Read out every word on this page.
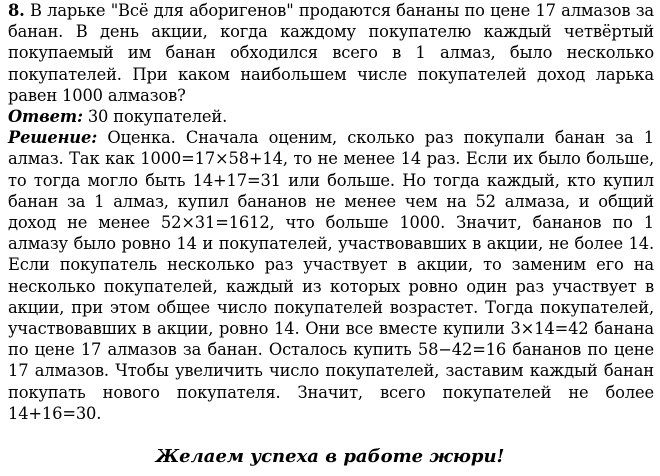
8. В ларьке "Всё для аборигенов" продаются бананы по цене 17 алмазов за банан. В день акции, когда каждому покупателю каждый четвёртый покупаемый им банан обходился всего в 1 алмаз, было несколько покупателей. При каком наибольшем числе покупателей доход ларька равен 1000 алмазов?

Ответ: 30 покупателей.

Решение: Оценка. Сначала оценим, сколько раз покупали банан за 1 алмаз. Так как 1000=17×58+14, то не менее 14 раз. Если их было больше, то тогда могло быть 14+17=31 или больше. Но тогда каждый, кто купил банан за 1 алмаз, купил бананов не менее чем на 52 алмаза, и общий доход не менее 52×31=1612, что больше 1000. Значит, бананов по 1 алмазу было ровно 14 и покупателей, участвовавших в акции, не более 14. Если покупатель несколько раз участвует в акции, то заменим его на несколько покупателей, каждый из которых ровно один раз участвует в акции, при этом общее число покупателей возрастет. Тогда покупателей, участвовавших в акции, ровно 14. Они все вместе купили 3×14=42 банана по цене 17 алмазов за банан. Осталось купить 58−42=16 бананов по цене 17 алмазов. Чтобы увеличить число покупателей, заставим каждый банан покупать нового покупателя. Значит, всего покупателей не более 14+16=30.

Желаем успеха в работе жюри!
